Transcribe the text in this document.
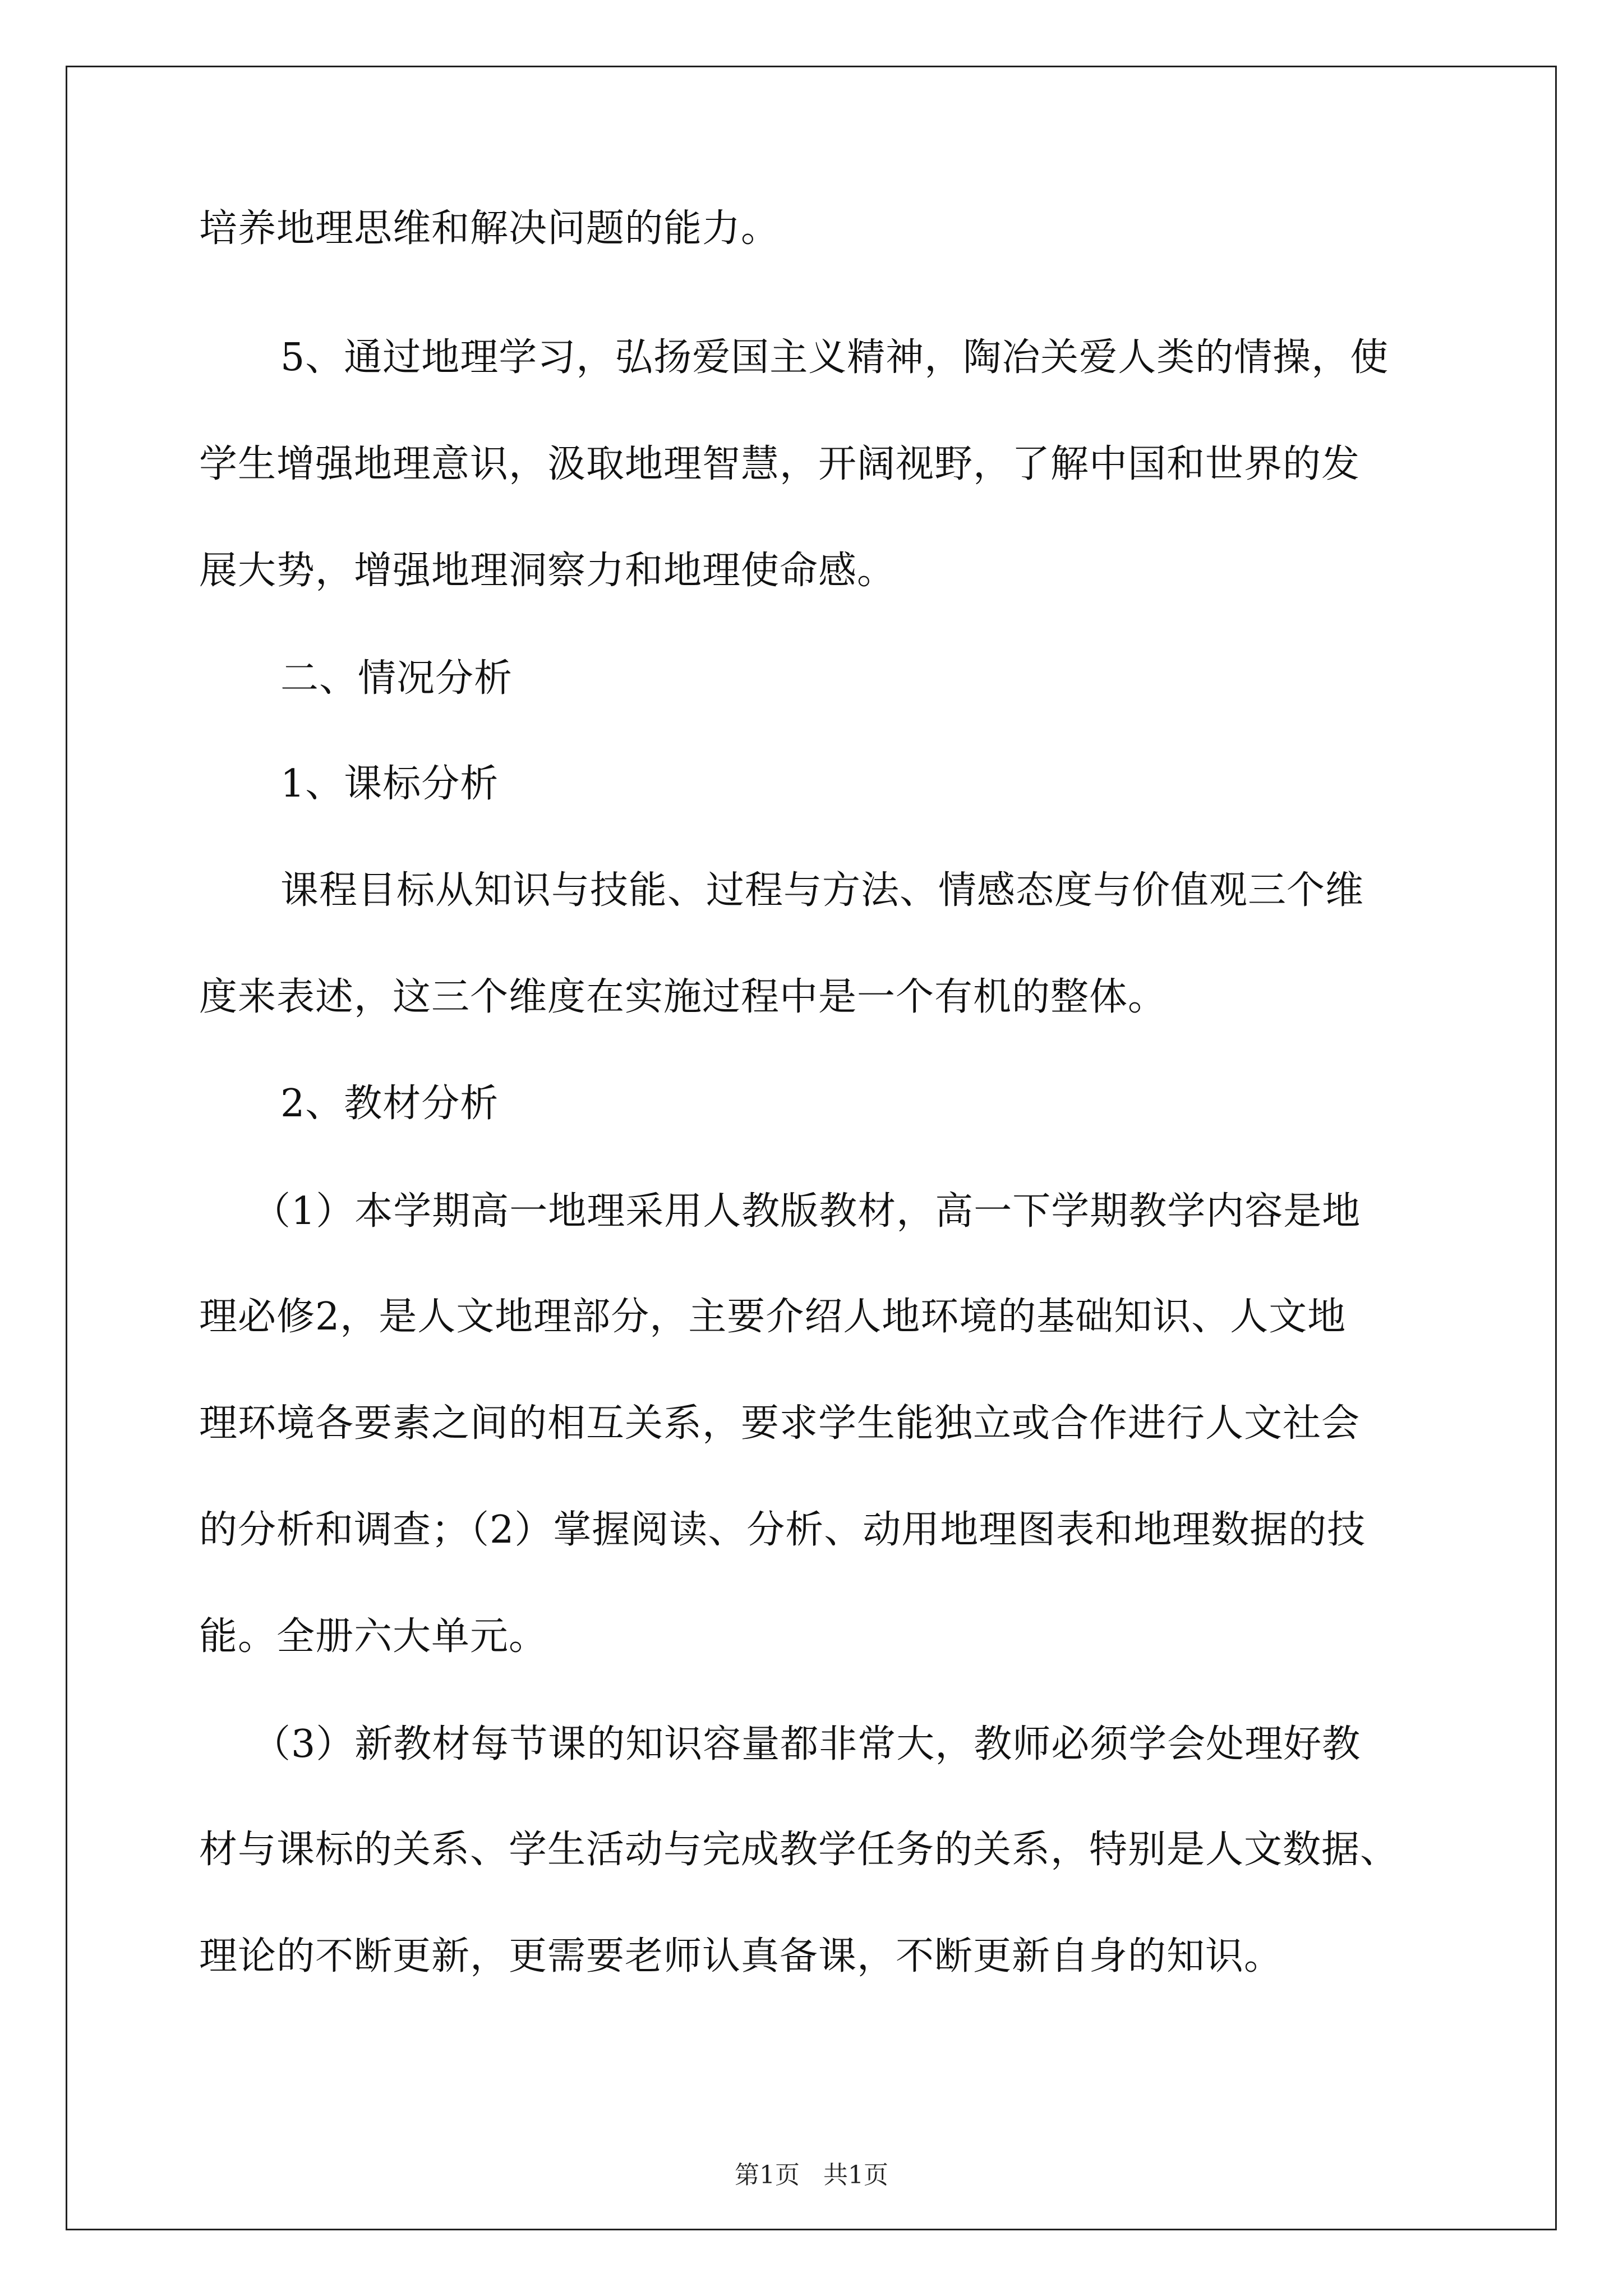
培养地理思维和解决问题的能力。
5、通过地理学习，弘扬爱国主义精神，陶冶关爱人类的情操，使
学生增强地理意识，汲取地理智慧，开阔视野，了解中国和世界的发
展大势，增强地理洞察力和地理使命感。
二、情况分析
1、课标分析
课程目标从知识与技能、过程与方法、情感态度与价值观三个维
度来表述，这三个维度在实施过程中是一个有机的整体。
2、教材分析
（1）本学期高一地理采用人教版教材，高一下学期教学内容是地
理必修2，是人文地理部分，主要介绍人地环境的基础知识、人文地
理环境各要素之间的相互关系，要求学生能独立或合作进行人文社会
的分析和调查；（2）掌握阅读、分析、动用地理图表和地理数据的技
能。全册六大单元。
（3）新教材每节课的知识容量都非常大，教师必须学会处理好教
材与课标的关系、学生活动与完成教学任务的关系，特别是人文数据、
理论的不断更新，更需要老师认真备课，不断更新自身的知识。
第1页   共1页
